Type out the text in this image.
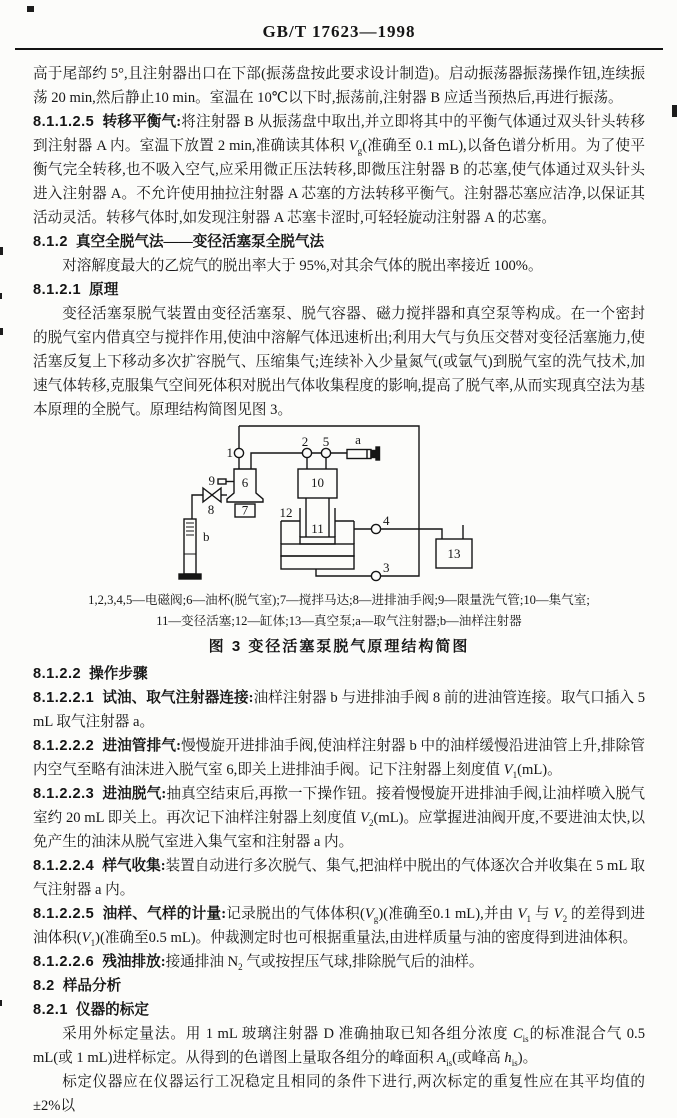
GB/T 17623—1998

高于尾部约 5°,且注射器出口在下部(振荡盘按此要求设计制造)。启动振荡器振荡操作钮,连续振荡 20 min,然后静止10 min。室温在 10℃以下时,振荡前,注射器 B 应适当预热后,再进行振荡。

8.1.1.2.5 转移平衡气:将注射器 B 从振荡盘中取出,并立即将其中的平衡气体通过双头针头转移到注射器 A 内。室温下放置 2 min,准确读其体积 $V_g$(准确至 0.1 mL),以备色谱分析用。为了使平衡气完全转移,也不吸入空气,应采用微正压法转移,即微压注射器 B 的芯塞,使气体通过双头针头进入注射器 A。不允许使用抽拉注射器 A 芯塞的方法转移平衡气。注射器芯塞应洁净,以保证其活动灵活。转移气体时,如发现注射器 A 芯塞卡涩时,可轻轻旋动注射器 A 的芯塞。

8.1.2 真空全脱气法——变径活塞泵全脱气法

对溶解度最大的乙烷气的脱出率大于 95%,对其余气体的脱出率接近 100%。

8.1.2.1 原理

变径活塞泵脱气装置由变径活塞泵、脱气容器、磁力搅拌器和真空泵等构成。在一个密封的脱气室内借真空与搅拌作用,使油中溶解气体迅速析出;利用大气与负压交替对变径活塞施力,使活塞反复上下移动多次扩容脱气、压缩集气;连续补入少量氮气(或氩气)到脱气室的洗气技术,加速气体转移,克服集气空间死体积对脱出气体收集程度的影响,提高了脱气率,从而实现真空法为基本原理的全脱气。原理结构简图见图 3。

1
2 5 a
9 6
8 7
b
10
12
11
4
3
13

1,2,3,4,5—电磁阀;6—油杯(脱气室);7—搅拌马达;8—进排油手阀;9—限量洗气管;10—集气室;

11—变径活塞;12—缸体;13—真空泵;a—取气注射器;b—油样注射器

图 3 变径活塞泵脱气原理结构简图

8.1.2.2 操作步骤

8.1.2.2.1 试油、取气注射器连接:油样注射器 b 与进排油手阀 8 前的进油管连接。取气口插入 5 mL 取气注射器 a。

8.1.2.2.2 进油管排气:慢慢旋开进排油手阀,使油样注射器 b 中的油样缓慢沿进油管上升,排除管内空气至略有油沫进入脱气室 6,即关上进排油手阀。记下注射器上刻度值 $V_1(mL)$。

8.1.2.2.3 进油脱气:抽真空结束后,再揿一下操作钮。接着慢慢旋开进排油手阀,让油样喷入脱气室约 20 mL 即关上。再次记下油样注射器上刻度值 $V_2(mL)$。应掌握进油阀开度,不要进油太快,以免产生的油沫从脱气室进入集气室和注射器 a 内。

8.1.2.2.4 样气收集:装置自动进行多次脱气、集气,把油样中脱出的气体逐次合并收集在 5 mL 取气注射器 a 内。

8.1.2.2.5 油样、气样的计量:记录脱出的气体体积$(V_g)$(准确至0.1 mL),并由 $V_1$ 与 $V_2$ 的差得到进油体积$(V_1)$(准确至0.5 mL)。仲裁测定时也可根据重量法,由进样质量与油的密度得到进油体积。

8.1.2.2.6 残油排放:接通排油 $N_2$ 气或按捏压气球,排除脱气后的油样。

8.2 样品分析

8.2.1 仪器的标定

采用外标定量法。用 1 mL 玻璃注射器 D 准确抽取已知各组分浓度 $C_{is}$的标准混合气 0.5 mL(或 1 mL)进样标定。从得到的色谱图上量取各组分的峰面积 $A_{is}$(或峰高 $h_{is}$)。

标定仪器应在仪器运行工况稳定且相同的条件下进行,两次标定的重复性应在其平均值的±2%以
